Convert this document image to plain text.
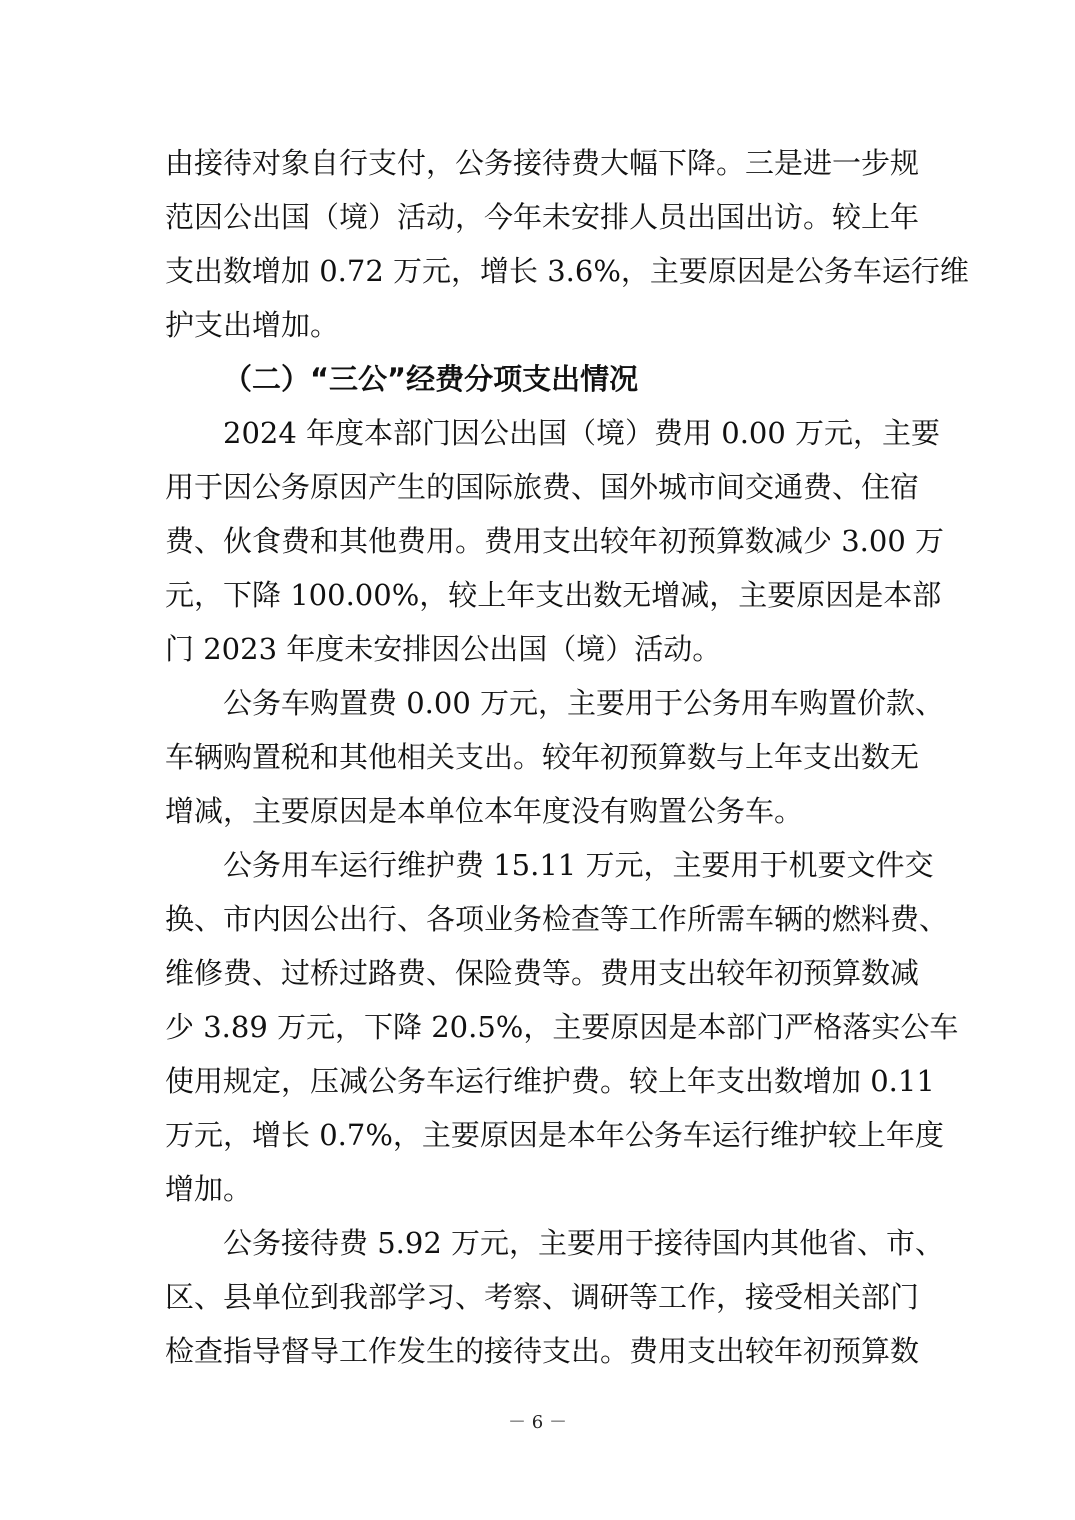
由接待对象自行支付，公务接待费大幅下降。三是进一步规
范因公出国（境）活动，今年未安排人员出国出访。较上年
支出数增加 0.72 万元，增长 3.6%，主要原因是公务车运行维
护支出增加。
（二）“三公”经费分项支出情况
2024 年度本部门因公出国（境）费用 0.00 万元，主要
用于因公务原因产生的国际旅费、国外城市间交通费、住宿
费、伙食费和其他费用。费用支出较年初预算数减少 3.00 万
元，下降 100.00%，较上年支出数无增减，主要原因是本部
门 2023 年度未安排因公出国（境）活动。
公务车购置费 0.00 万元，主要用于公务用车购置价款、
车辆购置税和其他相关支出。较年初预算数与上年支出数无
增减，主要原因是本单位本年度没有购置公务车。
公务用车运行维护费 15.11 万元，主要用于机要文件交
换、市内因公出行、各项业务检查等工作所需车辆的燃料费、
维修费、过桥过路费、保险费等。费用支出较年初预算数减
少 3.89 万元，下降 20.5%，主要原因是本部门严格落实公车
使用规定，压减公务车运行维护费。较上年支出数增加 0.11
万元，增长 0.7%，主要原因是本年公务车运行维护较上年度
增加。
公务接待费 5.92 万元，主要用于接待国内其他省、市、
区、县单位到我部学习、考察、调研等工作，接受相关部门
检查指导督导工作发生的接待支出。费用支出较年初预算数
－ 6 －
